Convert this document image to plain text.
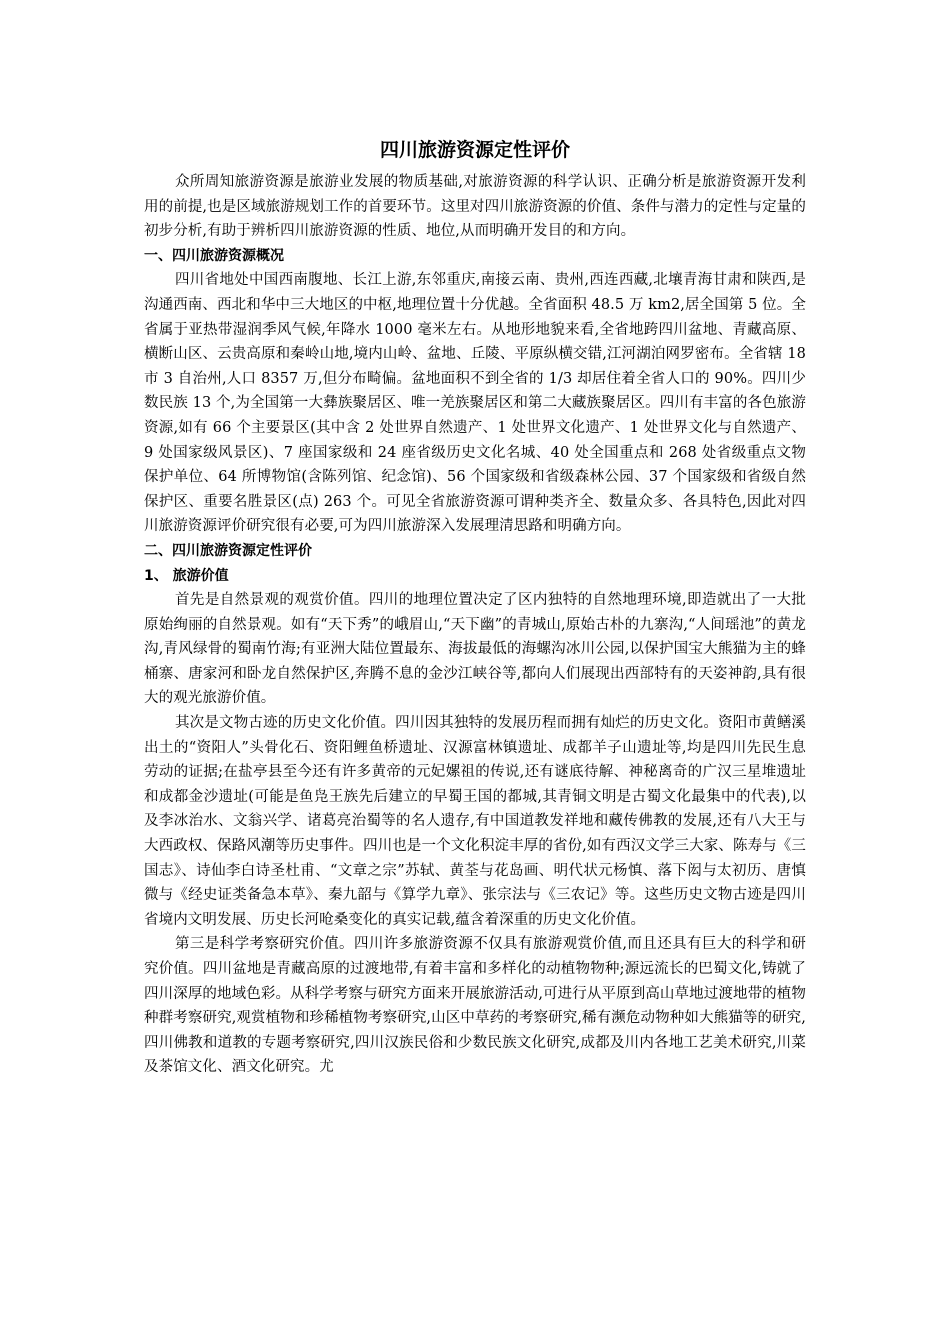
四川旅游资源定性评价

众所周知旅游资源是旅游业发展的物质基础,对旅游资源的科学认识、正确分析是旅游资源开发利用的前提,也是区域旅游规划工作的首要环节。这里对四川旅游资源的价值、条件与潜力的定性与定量的初步分析,有助于辨析四川旅游资源的性质、地位,从而明确开发目的和方向。

一、四川旅游资源概况

四川省地处中国西南腹地、长江上游,东邻重庆,南接云南、贵州,西连西藏,北壤青海甘肃和陕西,是沟通西南、西北和华中三大地区的中枢,地理位置十分优越。全省面积 48.5 万 km2,居全国第 5 位。全省属于亚热带湿润季风气候,年降水 1000 毫米左右。从地形地貌来看,全省地跨四川盆地、青藏高原、横断山区、云贵高原和秦岭山地,境内山岭、盆地、丘陵、平原纵横交错,江河湖泊网罗密布。全省辖 18 市 3 自治州,人口 8357 万,但分布畸偏。盆地面积不到全省的 1/3 却居住着全省人口的 90%。四川少数民族 13 个,为全国第一大彝族聚居区、唯一羌族聚居区和第二大藏族聚居区。四川有丰富的各色旅游资源,如有 66 个主要景区(其中含 2 处世界自然遗产、1 处世界文化遗产、1 处世界文化与自然遗产、9 处国家级风景区)、7 座国家级和 24 座省级历史文化名城、40 处全国重点和 268 处省级重点文物保护单位、64 所博物馆(含陈列馆、纪念馆)、56 个国家级和省级森林公园、37 个国家级和省级自然保护区、重要名胜景区(点) 263 个。可见全省旅游资源可谓种类齐全、数量众多、各具特色,因此对四川旅游资源评价研究很有必要,可为四川旅游深入发展理清思路和明确方向。

二、四川旅游资源定性评价
1、 旅游价值

首先是自然景观的观赏价值。四川的地理位置决定了区内独特的自然地理环境,即造就出了一大批原始绚丽的自然景观。如有“天下秀”的峨眉山,“天下幽”的青城山,原始古朴的九寨沟,“人间瑶池”的黄龙沟,青风绿骨的蜀南竹海;有亚洲大陆位置最东、海拔最低的海螺沟冰川公园,以保护国宝大熊猫为主的蜂桶寨、唐家河和卧龙自然保护区,奔腾不息的金沙江峡谷等,都向人们展现出西部特有的天姿神韵,具有很大的观光旅游价值。

其次是文物古迹的历史文化价值。四川因其独特的发展历程而拥有灿烂的历史文化。资阳市黄鳝溪出土的“资阳人”头骨化石、资阳鲤鱼桥遗址、汉源富林镇遗址、成都羊子山遗址等,均是四川先民生息劳动的证据;在盐亭县至今还有许多黄帝的元妃嫘祖的传说,还有谜底待解、神秘离奇的广汉三星堆遗址和成都金沙遗址(可能是鱼凫王族先后建立的早蜀王国的都城,其青铜文明是古蜀文化最集中的代表),以及李冰治水、文翁兴学、诸葛亮治蜀等的名人遗存,有中国道教发祥地和藏传佛教的发展,还有八大王与大西政权、保路风潮等历史事件。四川也是一个文化积淀丰厚的省份,如有西汉文学三大家、陈寿与《三国志》、诗仙李白诗圣杜甫、“文章之宗”苏轼、黄荃与花岛画、明代状元杨慎、落下闳与太初历、唐慎微与《经史证类备急本草》、秦九韶与《算学九章》、张宗法与《三农记》等。这些历史文物古迹是四川省境内文明发展、历史长河呛桑变化的真实记载,蕴含着深重的历史文化价值。

第三是科学考察研究价值。四川许多旅游资源不仅具有旅游观赏价值,而且还具有巨大的科学和研究价值。四川盆地是青藏高原的过渡地带,有着丰富和多样化的动植物物种;源远流长的巴蜀文化,铸就了四川深厚的地域色彩。从科学考察与研究方面来开展旅游活动,可进行从平原到高山草地过渡地带的植物种群考察研究,观赏植物和珍稀植物考察研究,山区中草药的考察研究,稀有濒危动物种如大熊猫等的研究,四川佛教和道教的专题考察研究,四川汉族民俗和少数民族文化研究,成都及川内各地工艺美术研究,川菜及茶馆文化、酒文化研究。尤
